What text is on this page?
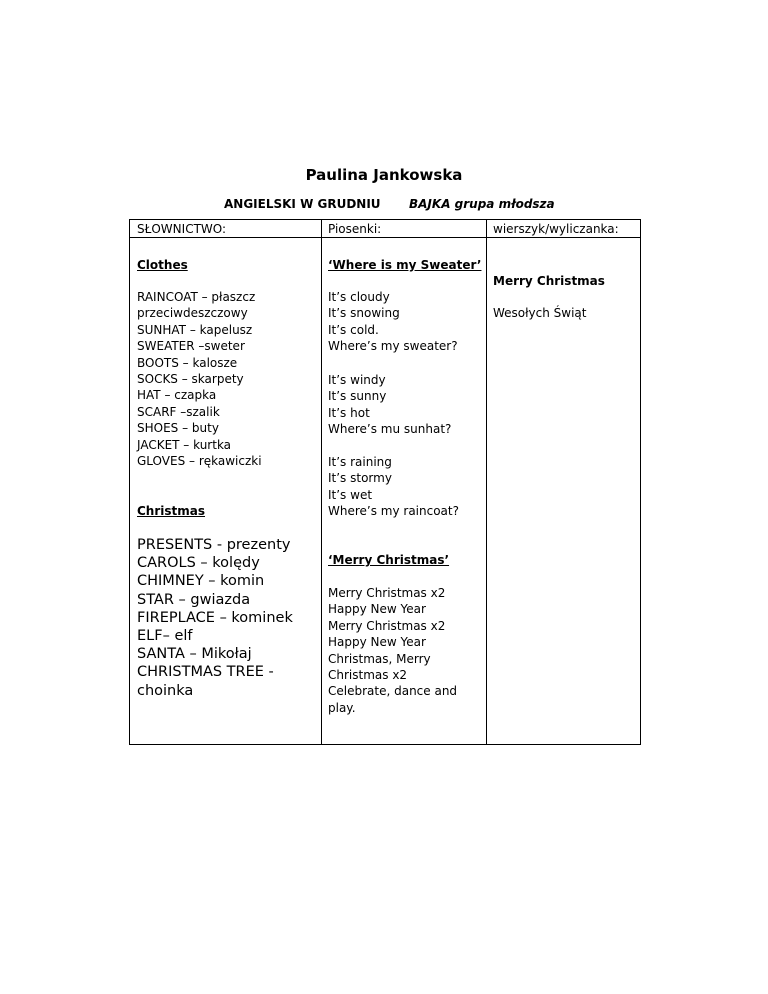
Paulina Jankowska
ANGIELSKI W GRUDNIU BAJKA grupa młodsza
SŁOWNICTWO:	Piosenki:	wierszyk/wyliczanka:
Clothes
RAINCOAT – płaszcz
przeciwdeszczowy
SUNHAT – kapelusz
SWEATER –sweter
BOOTS – kalosze
SOCKS – skarpety
HAT – czapka
SCARF –szalik
SHOES – buty
JACKET – kurtka
GLOVES – rękawiczki
Christmas
PRESENTS - prezenty
CAROLS – kolędy
CHIMNEY – komin
STAR – gwiazda
FIREPLACE – kominek
ELF– elf
SANTA – Mikołaj
CHRISTMAS TREE -
choinka
‘Where is my Sweater’
It’s cloudy
It’s snowing
It’s cold.
Where’s my sweater?
It’s windy
It’s sunny
It’s hot
Where’s mu sunhat?
It’s raining
It’s stormy
It’s wet
Where’s my raincoat?
‘Merry Christmas’
Merry Christmas x2
Happy New Year
Merry Christmas x2
Happy New Year
Christmas, Merry
Christmas x2
Celebrate, dance and
play.
Merry Christmas
Wesołych Świąt
